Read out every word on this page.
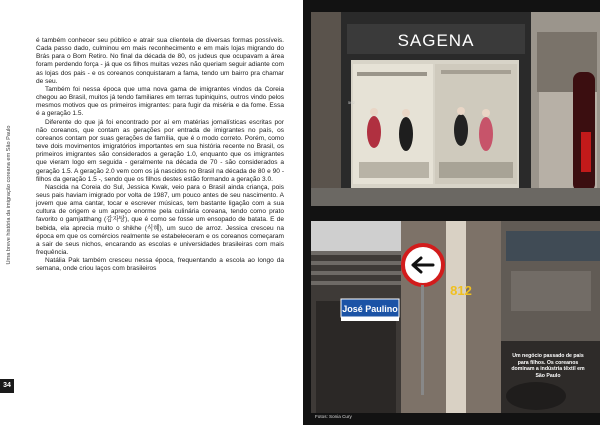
Uma breve história da imigração coreana em São Paulo
34

é também conhecer seu público e atrair sua clientela de diversas formas possíveis. Cada passo dado, culminou em mais reconhecimento e em mais lojas migrando do Brás para o Bom Retiro. No final da década de 80, os judeus que ocupavam a área foram perdendo força - já que os filhos muitas vezes não queriam seguir adiante com as lojas dos pais - e os coreanos conquistaram a fama, tendo um bairro pra chamar de seu.

Também foi nessa época que uma nova gama de imigrantes vindos da Coreia chegou ao Brasil, muitos já tendo familiares em terras tupiniquins, outros vindo pelos mesmos motivos que os primeiros imigrantes: para fugir da miséria e da fome. Essa é a geração 1.5.

Diferente do que já foi encontrado por aí em matérias jornalísticas escritas por não coreanos, que contam as gerações por entrada de imigrantes no país, os coreanos contam por suas gerações de família, que é o modo correto. Porém, como teve dois movimentos imigratórios importantes em sua história recente no Brasil, os primeiros imigrantes são considerados a geração 1.0, enquanto que os imigrantes que vieram logo em seguida - geralmente na década de 70 - são considerados a geração 1.5. A geração 2.0 vem com os já nascidos no Brasil na década de 80 e 90 - filhos da geração 1.5 -, sendo que os filhos destes estão formando a geração 3.0.

Nascida na Coreia do Sul, Jessica Kwak, veio para o Brasil ainda criança, pois seus pais haviam imigrado por volta de 1987, um pouco antes de seu nascimento. A jovem que ama cantar, tocar e escrever músicas, tem bastante ligação com a sua cultura de origem e um apreço enorme pela culinária coreana, tendo como prato favorito o gamjatthang (감자탕), que é como se fosse um ensopado de batata. E de bebida, ela aprecia muito o shikhe (식혜), um suco de arroz. Jessica cresceu na época em que os comércios realmente se estabeleceram e os coreanos começaram a sair de seus nichos, encarando as escolas e universidades brasileiras com mais frequência.

Natália Pak também cresceu nessa época, frequentando a escola ao longo da semana, onde criou laços com brasileiros

SAGENA
502
José Paulino
812
Um negócio passado de pais para filhos. Os coreanos dominam a indústria têxtil em São Paulo
Fotos: Sonia Cury
